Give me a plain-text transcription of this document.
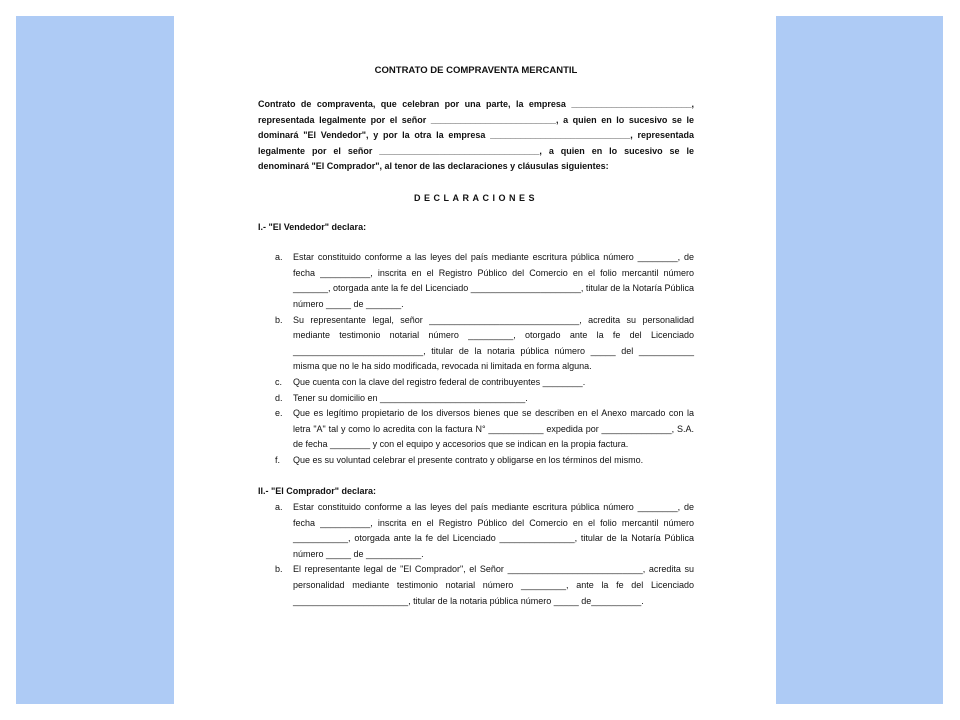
CONTRATO DE COMPRAVENTA MERCANTIL

Contrato de compraventa, que celebran por una parte, la empresa ________________________, representada legalmente por el señor _________________________, a quien en lo sucesivo se le dominará "El Vendedor", y por la otra la empresa ____________________________, representada legalmente por el señor ________________________________, a quien en lo sucesivo se le denominará "El Comprador", al tenor de las declaraciones y cláusulas siguientes:

DECLARACIONES

I.- "El Vendedor" declara:

a. Estar constituido conforme a las leyes del país mediante escritura pública número ________, de fecha __________, inscrita en el Registro Público del Comercio en el folio mercantil número _______, otorgada ante la fe del Licenciado ______________________, titular de la Notaría Pública número _____ de _______.
b. Su representante legal, señor ______________________________, acredita su personalidad mediante testimonio notarial número _________, otorgado ante la fe del Licenciado __________________________, titular de la notaria pública número _____ del ___________ misma que no le ha sido modificada, revocada ni limitada en forma alguna.
c. Que cuenta con la clave del registro federal de contribuyentes ________.
d. Tener su domicilio en _____________________________.
e. Que es legítimo propietario de los diversos bienes que se describen en el Anexo marcado con la letra "A" tal y como lo acredita con la factura N° ___________ expedida por ______________, S.A. de fecha ________ y con el equipo y accesorios que se indican en la propia factura.
f. Que es su voluntad celebrar el presente contrato y obligarse en los términos del mismo.

II.- "El Comprador" declara:

a. Estar constituido conforme a las leyes del país mediante escritura pública número ________, de fecha __________, inscrita en el Registro Público del Comercio en el folio mercantil número ___________, otorgada ante la fe del Licenciado _______________, titular de la Notaría Pública número _____ de ___________.
b. El representante legal de "El Comprador", el Señor ___________________________, acredita su personalidad mediante testimonio notarial número _________, ante la fe del Licenciado _______________________, titular de la notaria pública número _____ de__________.
